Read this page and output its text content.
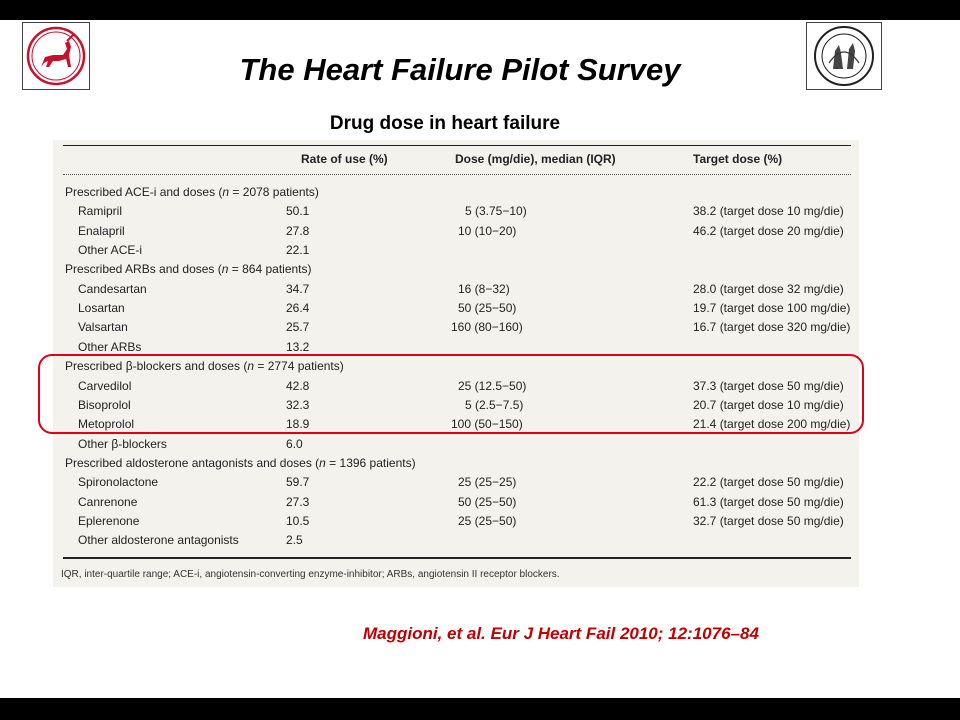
The Heart Failure Pilot Survey
Drug dose in heart failure
Rate of use (%)	Dose (mg/die), median (IQR)	Target dose (%)
Prescribed ACE-i and doses (n = 2078 patients)
Ramipril	50.1	5 (3.75−10)	38.2 (target dose 10 mg/die)
Enalapril	27.8	10 (10−20)	46.2 (target dose 20 mg/die)
Other ACE-i	22.1
Prescribed ARBs and doses (n = 864 patients)
Candesartan	34.7	16 (8−32)	28.0 (target dose 32 mg/die)
Losartan	26.4	50 (25−50)	19.7 (target dose 100 mg/die)
Valsartan	25.7	160 (80−160)	16.7 (target dose 320 mg/die)
Other ARBs	13.2
Prescribed β-blockers and doses (n = 2774 patients)
Carvedilol	42.8	25 (12.5−50)	37.3 (target dose 50 mg/die)
Bisoprolol	32.3	5 (2.5−7.5)	20.7 (target dose 10 mg/die)
Metoprolol	18.9	100 (50−150)	21.4 (target dose 200 mg/die)
Other β-blockers	6.0
Prescribed aldosterone antagonists and doses (n = 1396 patients)
Spironolactone	59.7	25 (25−25)	22.2 (target dose 50 mg/die)
Canrenone	27.3	50 (25−50)	61.3 (target dose 50 mg/die)
Eplerenone	10.5	25 (25−50)	32.7 (target dose 50 mg/die)
Other aldosterone antagonists	2.5
IQR, inter-quartile range; ACE-i, angiotensin-converting enzyme-inhibitor; ARBs, angiotensin II receptor blockers.
Maggioni, et al. Eur J Heart Fail 2010; 12:1076–84
